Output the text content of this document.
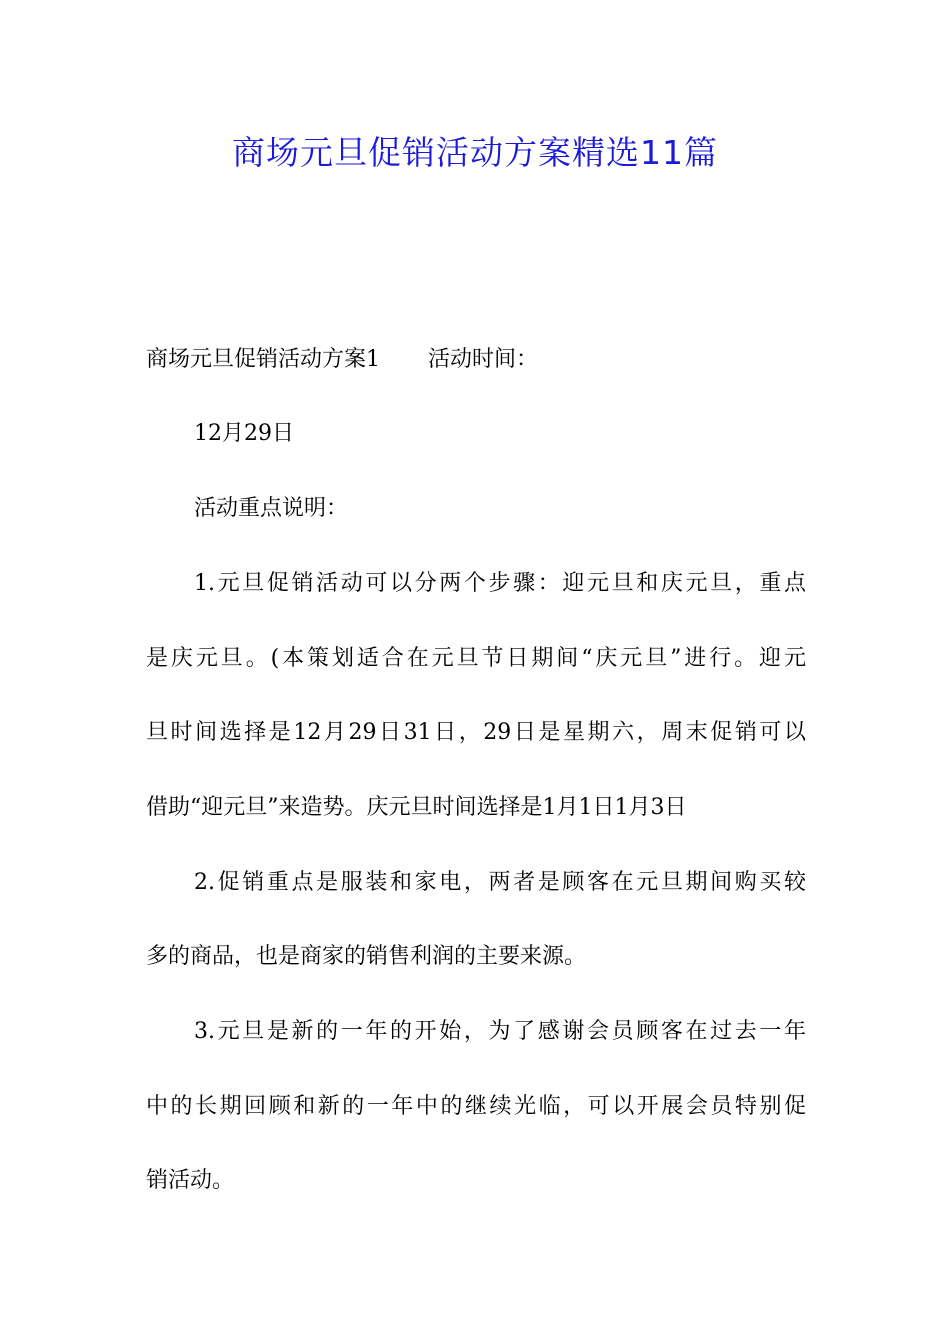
商场元旦促销活动方案精选11篇
商场元旦促销活动方案1 活动时间：
12月29日
活动重点说明：
1.元旦促销活动可以分两个步骤：迎元旦和庆元旦，重点
是庆元旦。(本策划适合在元旦节日期间“庆元旦”进行。迎元
旦时间选择是12月29日31日，29日是星期六，周末促销可以
借助“迎元旦”来造势。庆元旦时间选择是1月1日1月3日
2.促销重点是服装和家电，两者是顾客在元旦期间购买较
多的商品，也是商家的销售利润的主要来源。
3.元旦是新的一年的开始，为了感谢会员顾客在过去一年
中的长期回顾和新的一年中的继续光临，可以开展会员特别促
销活动。
